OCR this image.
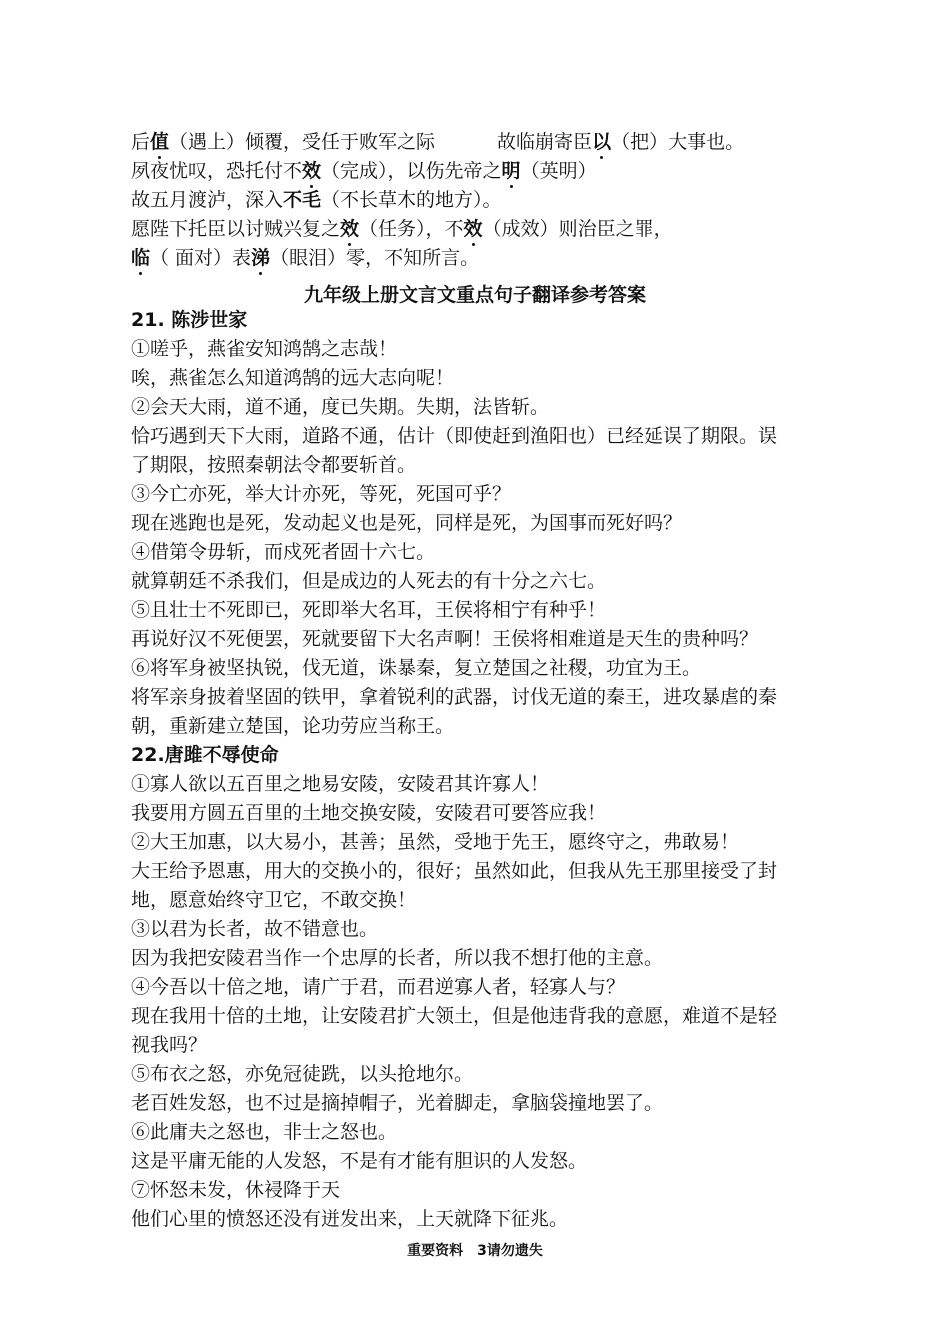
后值（遇上）倾覆，受任于败军之际	故临崩寄臣以（把）大事也。
夙夜忧叹，恐托付不效（完成），以伤先帝之明（英明）
故五月渡泸，深入不毛（不长草木的地方）。
愿陛下托臣以讨贼兴复之效（任务），不效（成效）则治臣之罪，
临（ 面对）表涕（眼泪）零，不知所言。
九年级上册文言文重点句子翻译参考答案
21. 陈涉世家
①嗟乎，燕雀安知鸿鹄之志哉！
唉，燕雀怎么知道鸿鹄的远大志向呢！
②会天大雨，道不通，度已失期。失期，法皆斩。
恰巧遇到天下大雨，道路不通，估计（即使赶到渔阳也）已经延误了期限。误
了期限，按照秦朝法令都要斩首。
③今亡亦死，举大计亦死，等死，死国可乎？
现在逃跑也是死，发动起义也是死，同样是死，为国事而死好吗？
④借第令毋斩，而戍死者固十六七。
就算朝廷不杀我们，但是成边的人死去的有十分之六七。
⑤且壮士不死即已，死即举大名耳，王侯将相宁有种乎！
再说好汉不死便罢，死就要留下大名声啊！王侯将相难道是天生的贵种吗？
⑥将军身被坚执锐，伐无道，诛暴秦，复立楚国之社稷，功宜为王。
将军亲身披着坚固的铁甲，拿着锐利的武器，讨伐无道的秦王，进攻暴虐的秦
朝，重新建立楚国，论功劳应当称王。
22.唐雎不辱使命
①寡人欲以五百里之地易安陵，安陵君其许寡人！
我要用方圆五百里的土地交换安陵，安陵君可要答应我！
②大王加惠，以大易小，甚善；虽然，受地于先王，愿终守之，弗敢易！
大王给予恩惠，用大的交换小的，很好；虽然如此，但我从先王那里接受了封
地，愿意始终守卫它，不敢交换！
③以君为长者，故不错意也。
因为我把安陵君当作一个忠厚的长者，所以我不想打他的主意。
④今吾以十倍之地，请广于君，而君逆寡人者，轻寡人与？
现在我用十倍的土地，让安陵君扩大领土，但是他违背我的意愿，难道不是轻
视我吗？
⑤布衣之怒，亦免冠徒跣，以头抢地尔。
老百姓发怒，也不过是摘掉帽子，光着脚走，拿脑袋撞地罢了。
⑥此庸夫之怒也，非士之怒也。
这是平庸无能的人发怒，不是有才能有胆识的人发怒。
⑦怀怒未发，休祲降于天
他们心里的愤怒还没有迸发出来，上天就降下征兆。
重要资料　3请勿遗失
